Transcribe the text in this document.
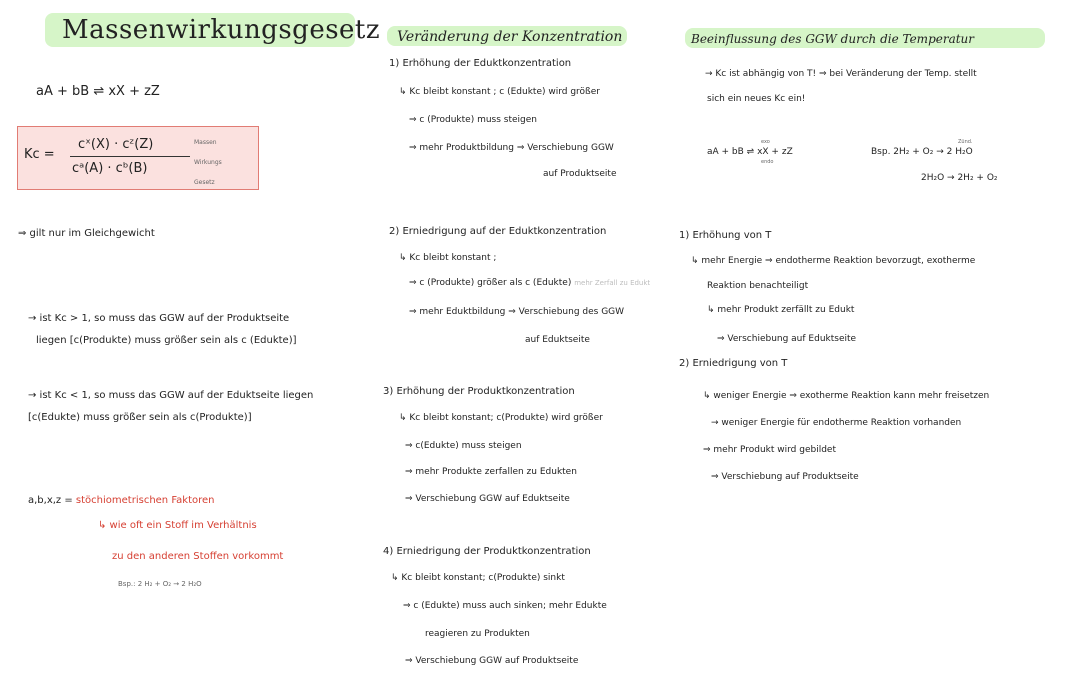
Massenwirkungsgesetz
aA + bB ⇌ xX + zZ
Kc =
cˣ(X) · cᶻ(Z)
cᵃ(A) · cᵇ(B)
Massen
Wirkungs
Gesetz
⇒ gilt nur im Gleichgewicht
→ ist Kc > 1, so muss das GGW auf der Produktseite
liegen [c(Produkte) muss größer sein als c (Edukte)]
→ ist Kc < 1, so muss das GGW auf der Eduktseite liegen
[c(Edukte) muss größer sein als c(Produkte)]
a,b,x,z = stöchiometrischen Faktoren
↳ wie oft ein Stoff im Verhältnis
zu den anderen Stoffen vorkommt
Bsp.: 2 H₂ + O₂ → 2 H₂O
Veränderung der Konzentration
1) Erhöhung der Eduktkonzentration
↳ Kc bleibt konstant ; c (Edukte) wird größer
⇒ c (Produkte) muss steigen
⇒ mehr Produktbildung ⇒ Verschiebung GGW
auf Produktseite
2) Erniedrigung auf der Eduktkonzentration
↳ Kc bleibt konstant ;
⇒ c (Produkte) größer als c (Edukte) mehr Zerfall zu Edukt
⇒ mehr Eduktbildung ⇒ Verschiebung des GGW
auf Eduktseite
3) Erhöhung der Produktkonzentration
↳ Kc bleibt konstant; c(Produkte) wird größer
⇒ c(Edukte) muss steigen
⇒ mehr Produkte zerfallen zu Edukten
⇒ Verschiebung GGW auf Eduktseite
4) Erniedrigung der Produktkonzentration
↳ Kc bleibt konstant; c(Produkte) sinkt
⇒ c (Edukte) muss auch sinken; mehr Edukte
reagieren zu Produkten
⇒ Verschiebung GGW auf Produktseite
Beeinflussung des GGW durch die Temperatur
→ Kc ist abhängig von T! ⇒ bei Veränderung der Temp. stellt
sich ein neues Kc ein!
aA + bB ⇌ xX + zZ
exo
endo
Bsp. 2H₂ + O₂ → 2 H₂O
Zünd.
2H₂O → 2H₂ + O₂
1) Erhöhung von T
↳ mehr Energie ⇒ endotherme Reaktion bevorzugt, exotherme
Reaktion benachteiligt
↳ mehr Produkt zerfällt zu Edukt
⇒ Verschiebung auf Eduktseite
2) Erniedrigung von T
↳ weniger Energie ⇒ exotherme Reaktion kann mehr freisetzen
→ weniger Energie für endotherme Reaktion vorhanden
⇒ mehr Produkt wird gebildet
⇒ Verschiebung auf Produktseite
